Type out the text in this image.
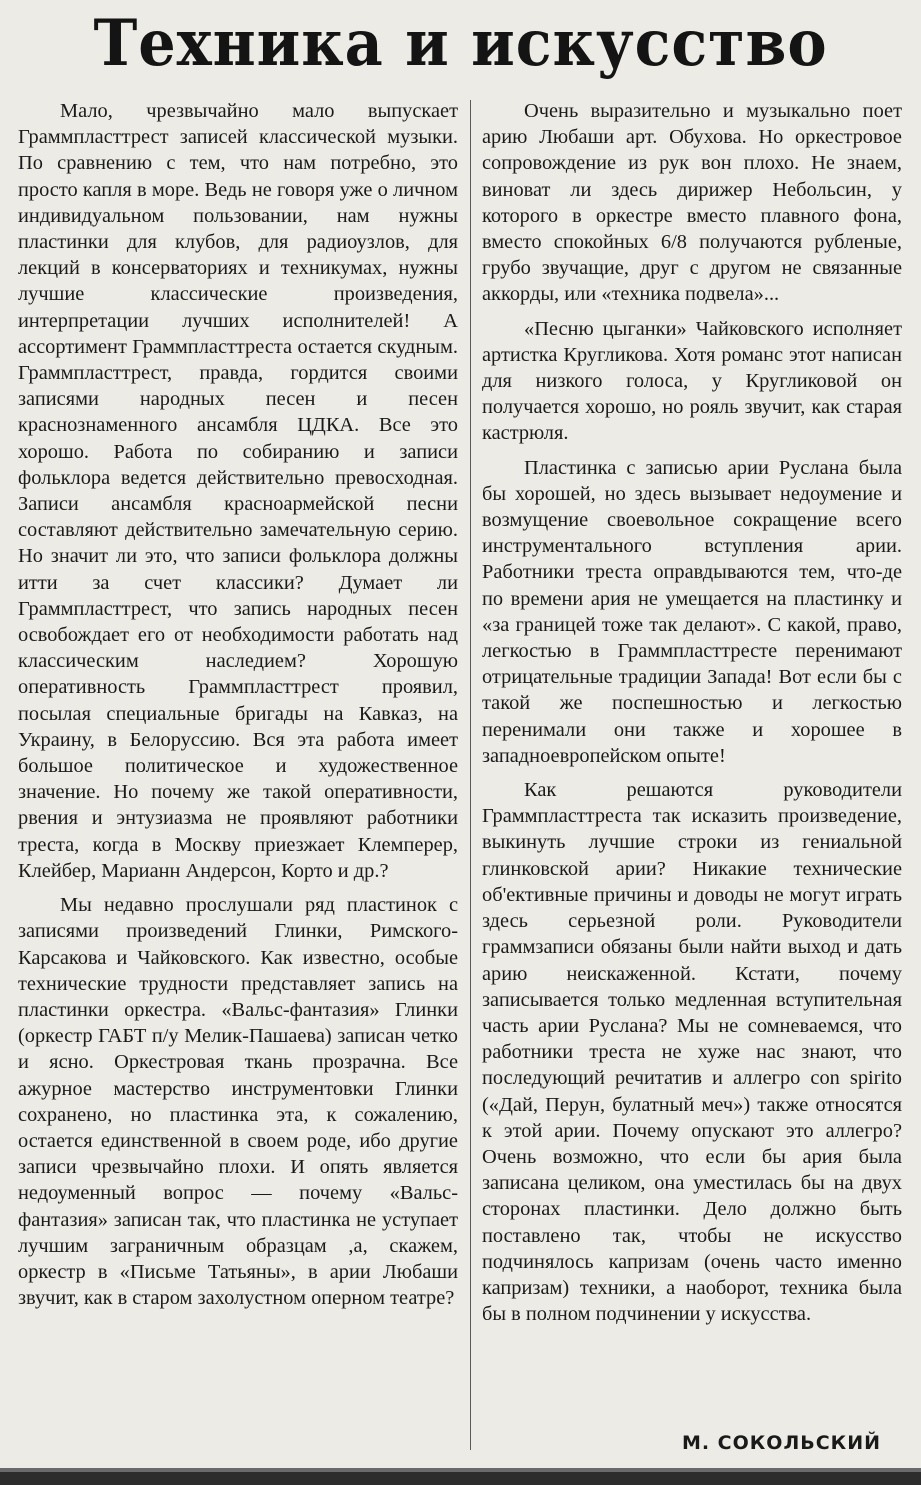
Техника и искусство

Мало, чрезвычайно мало выпускает Граммпласттрест записей классической музыки. По сравнению с тем, что нам потребно, это просто капля в море. Ведь не говоря уже о личном индивидуальном пользовании, нам нужны пластинки для клубов, для радиоузлов, для лекций в консерваториях и техникумах, нужны лучшие классические произведения, интерпретации лучших исполнителей! А ассортимент Граммпласттреста остается скудным. Граммпласттрест, правда, гордится своими записями народных песен и песен краснознаменного ансамбля ЦДКА. Все это хорошо. Работа по собиранию и записи фольклора ведется действительно превосходная. Записи ансамбля красноармейской песни составляют действительно замечательную серию. Но значит ли это, что записи фольклора должны итти за счет классики? Думает ли Граммпласттрест, что запись народных песен освобождает его от необходимости работать над классическим наследием? Хорошую оперативность Граммпласттрест проявил, посылая специальные бригады на Кавказ, на Украину, в Белоруссию. Вся эта работа имеет большое политическое и художественное значение. Но почему же такой оперативности, рвения и энтузиазма не проявляют работники треста, когда в Москву приезжает Клемперер, Клейбер, Марианн Андерсон, Корто и др.?

Мы недавно прослушали ряд пластинок с записями произведений Глинки, Римского-Карсакова и Чайковского. Как известно, особые технические трудности представляет запись на пластинки оркестра. «Вальс-фантазия» Глинки (оркестр ГАБТ п/у Мелик-Пашаева) записан четко и ясно. Оркестровая ткань прозрачна. Все ажурное мастерство инструментовки Глинки сохранено, но пластинка эта, к сожалению, остается единственной в своем роде, ибо другие записи чрезвычайно плохи. И опять является недоуменный вопрос — почему «Вальс-фантазия» записан так, что пластинка не уступает лучшим заграничным образцам ,а, скажем, оркестр в «Письме Татьяны», в арии Любаши звучит, как в старом захолустном оперном театре?

Очень выразительно и музыкально поет арию Любаши арт. Обухова. Но оркестровое сопровождение из рук вон плохо. Не знаем, виноват ли здесь дирижер Небольсин, у которого в оркестре вместо плавного фона, вместо спокойных 6/8 получаются рубленые, грубо звучащие, друг с другом не связанные аккорды, или «техника подвела»...

«Песню цыганки» Чайковского исполняет артистка Кругликова. Хотя романс этот написан для низкого голоса, у Кругликовой он получается хорошо, но рояль звучит, как старая кастрюля.

Пластинка с записью арии Руслана была бы хорошей, но здесь вызывает недоумение и возмущение своевольное сокращение всего инструментального вступления арии. Работники треста оправдываются тем, что-де по времени ария не умещается на пластинку и «за границей тоже так делают». С какой, право, легкостью в Граммпласттресте перенимают отрицательные традиции Запада! Вот если бы с такой же поспешностью и легкостью перенимали они также и хорошее в западноевропейском опыте!

Как решаются руководители Граммпласттреста так исказить произведение, выкинуть лучшие строки из гениальной глинковской арии? Никакие технические об'ективные причины и доводы не могут играть здесь серьезной роли. Руководители граммзаписи обязаны были найти выход и дать арию неискаженной. Кстати, почему записывается только медленная вступительная часть арии Руслана? Мы не сомневаемся, что работники треста не хуже нас знают, что последующий речитатив и аллегро con spirito («Дай, Перун, булатный меч») также относятся к этой арии. Почему опускают это аллегро? Очень возможно, что если бы ария была записана целиком, она уместилась бы на двух сторонах пластинки. Дело должно быть поставлено так, чтобы не искусство подчинялось капризам (очень часто именно капризам) техники, а наоборот, техника была бы в полном подчинении у искусства.

М. СОКОЛЬСКИЙ
